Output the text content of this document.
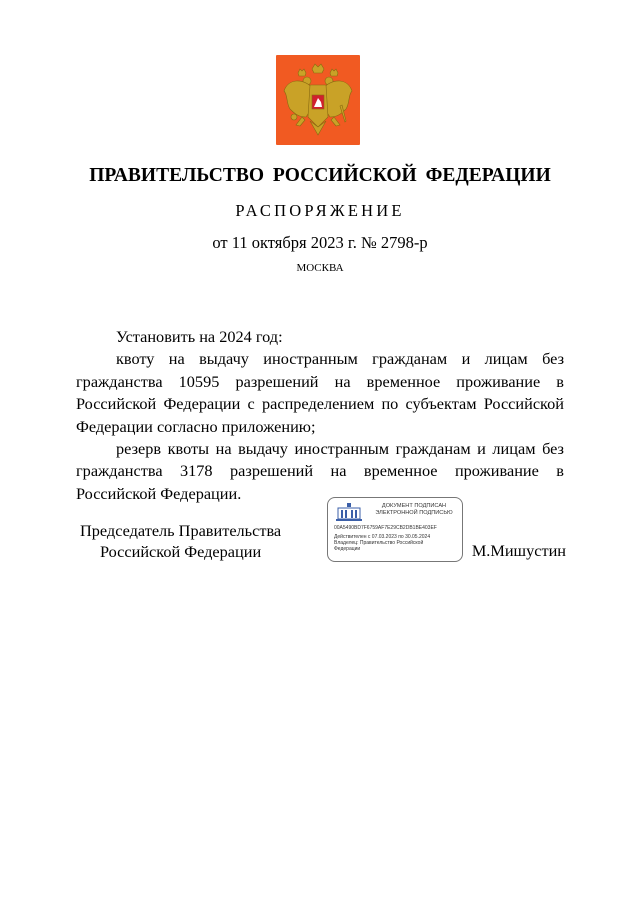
ПРАВИТЕЛЬСТВО РОССИЙСКОЙ ФЕДЕРАЦИИ
РАСПОРЯЖЕНИЕ
от 11 октября 2023 г. № 2798-р
МОСКВА

Установить на 2024 год:

квоту на выдачу иностранным гражданам и лицам без гражданства 10595 разрешений на временное проживание в Российской Федерации с распределением по субъектам Российской Федерации согласно приложению;

резерв квоты на выдачу иностранным гражданам и лицам без гражданства 3178 разрешений на временное проживание в Российской Федерации.

Председатель Правительства
Российской Федерации
ДОКУМЕНТ ПОДПИСАН
ЭЛЕКТРОННОЙ ПОДПИСЬЮ
00A5490BD7F6759AF7E29CB2DB1BE403EF
Действителен с 07.03.2023 по 30.05.2024
Владелец: Правительство Российской
Федерации	М.Мишустин
